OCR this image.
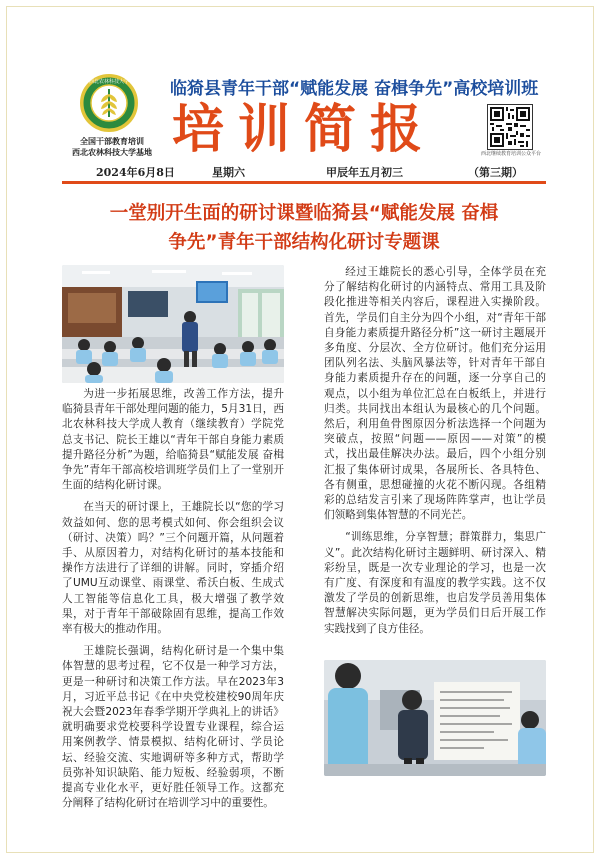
西北农林科技大学
全国干部教育培训
西北农林科技大学基地
临猗县青年干部“赋能发展 奋楫争先”高校培训班
培训简报	西北继续教育培训公众平台
2024年6月8日	星期六	甲辰年五月初三	（第三期）
一堂别开生面的研讨课暨临猗县“赋能发展 奋楫
争先”青年干部结构化研讨专题课

为进一步拓展思维，改善工作方法，提升临猗县青年干部处理问题的能力，5月31日，西北农林科技大学成人教育（继续教育）学院党总支书记、院长王雄以“青年干部自身能力素质提升路径分析”为题，给临猗县“赋能发展 奋楫争先”青年干部高校培训班学员们上了一堂别开生面的结构化研讨课。

在当天的研讨课上，王雄院长以“您的学习效益如何、您的思考模式如何、你会组织会议（研讨、决策）吗？”三个问题开篇，从问题着手、从原因着力，对结构化研讨的基本技能和操作方法进行了详细的讲解。同时，穿插介绍了UMU互动课堂、雨课堂、希沃白板、生成式人工智能等信息化工具，极大增强了教学效果，对于青年干部破除固有思维，提高工作效率有极大的推动作用。

王雄院长强调，结构化研讨是一个集中集体智慧的思考过程，它不仅是一种学习方法，更是一种研讨和决策工作方法。早在2023年3月，习近平总书记《在中央党校建校90周年庆祝大会暨2023年春季学期开学典礼上的讲话》就明确要求党校要科学设置专业课程，综合运用案例教学、情景模拟、结构化研讨、学员论坛、经验交流、实地调研等多种方式，帮助学员弥补知识缺陷、能力短板、经验弱项，不断提高专业化水平，更好胜任领导工作。这都充分阐释了结构化研讨在培训学习中的重要性。

经过王雄院长的悉心引导，全体学员在充分了解结构化研讨的内涵特点、常用工具及阶段化推进等相关内容后，课程进入实操阶段。首先，学员们自主分为四个小组，对“青年干部自身能力素质提升路径分析”这一研讨主题展开多角度、分层次、全方位研讨。他们充分运用团队列名法、头脑风暴法等，针对青年干部自身能力素质提升存在的问题，逐一分享自己的观点，以小组为单位汇总在白板纸上，并进行归类。共同找出本组认为最核心的几个问题。然后，利用鱼骨图原因分析法选择一个问题为突破点，按照“问题——原因——对策”的模式，找出最佳解决办法。最后，四个小组分别汇报了集体研讨成果，各展所长、各具特色、各有侧重，思想碰撞的火花不断闪现。各组精彩的总结发言引来了现场阵阵掌声，也让学员们领略到集体智慧的不同光芒。

“训练思维，分享智慧；群策群力，集思广义”。此次结构化研讨主题鲜明、研讨深入、精彩纷呈，既是一次专业理论的学习，也是一次有广度、有深度和有温度的教学实践。这不仅激发了学员的创新思维，也启发学员善用集体智慧解决实际问题，更为学员们日后开展工作实践找到了良方佳径。
